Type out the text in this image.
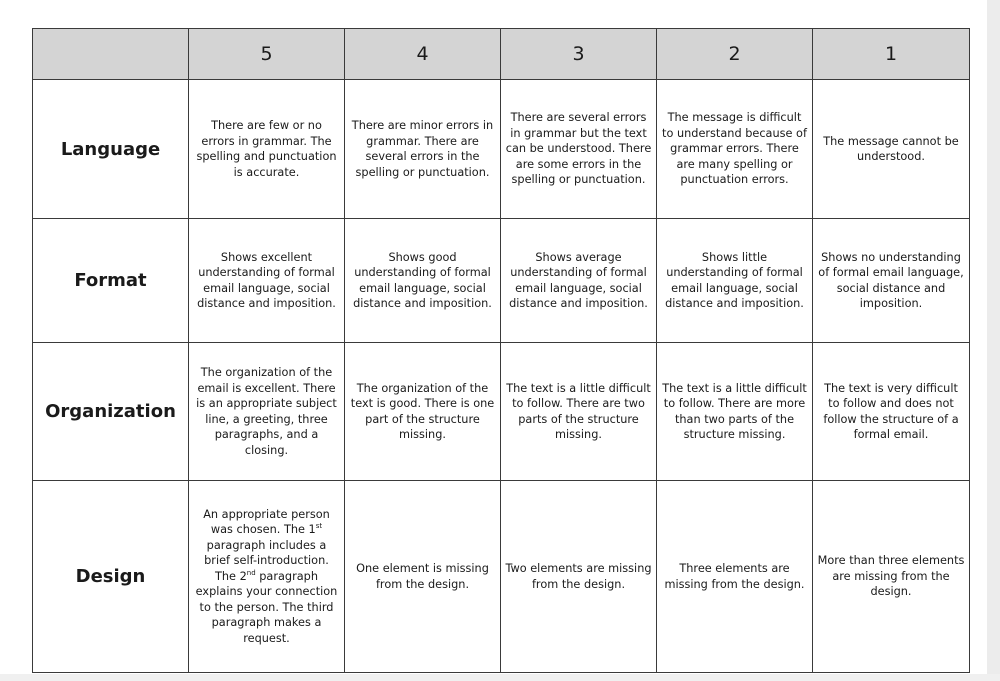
	5	4	3	2	1
Language	There are few or no errors in grammar. The spelling and punctuation is accurate.	There are minor errors in grammar. There are several errors in the spelling or punctuation.	There are several errors in grammar but the text can be understood. There are some errors in the spelling or punctuation.	The message is difficult to understand because of grammar errors. There are many spelling or punctuation errors.	The message cannot be understood.
Format	Shows excellent understanding of formal email language, social distance and imposition.	Shows good understanding of formal email language, social distance and imposition.	Shows average understanding of formal email language, social distance and imposition.	Shows little understanding of formal email language, social distance and imposition.	Shows no understanding of formal email language, social distance and imposition.
Organization	The organization of the email is excellent. There is an appropriate subject line, a greeting, three paragraphs, and a closing.	The organization of the text is good. There is one part of the structure missing.	The text is a little difficult to follow. There are two parts of the structure missing.	The text is a little difficult to follow. There are more than two parts of the structure missing.	The text is very difficult to follow and does not follow the structure of a formal email.
Design	An appropriate person was chosen. The 1st paragraph includes a brief self-introduction. The 2nd paragraph explains your connection to the person. The third paragraph makes a request.	One element is missing from the design.	Two elements are missing from the design.	Three elements are missing from the design.	More than three elements are missing from the design.
